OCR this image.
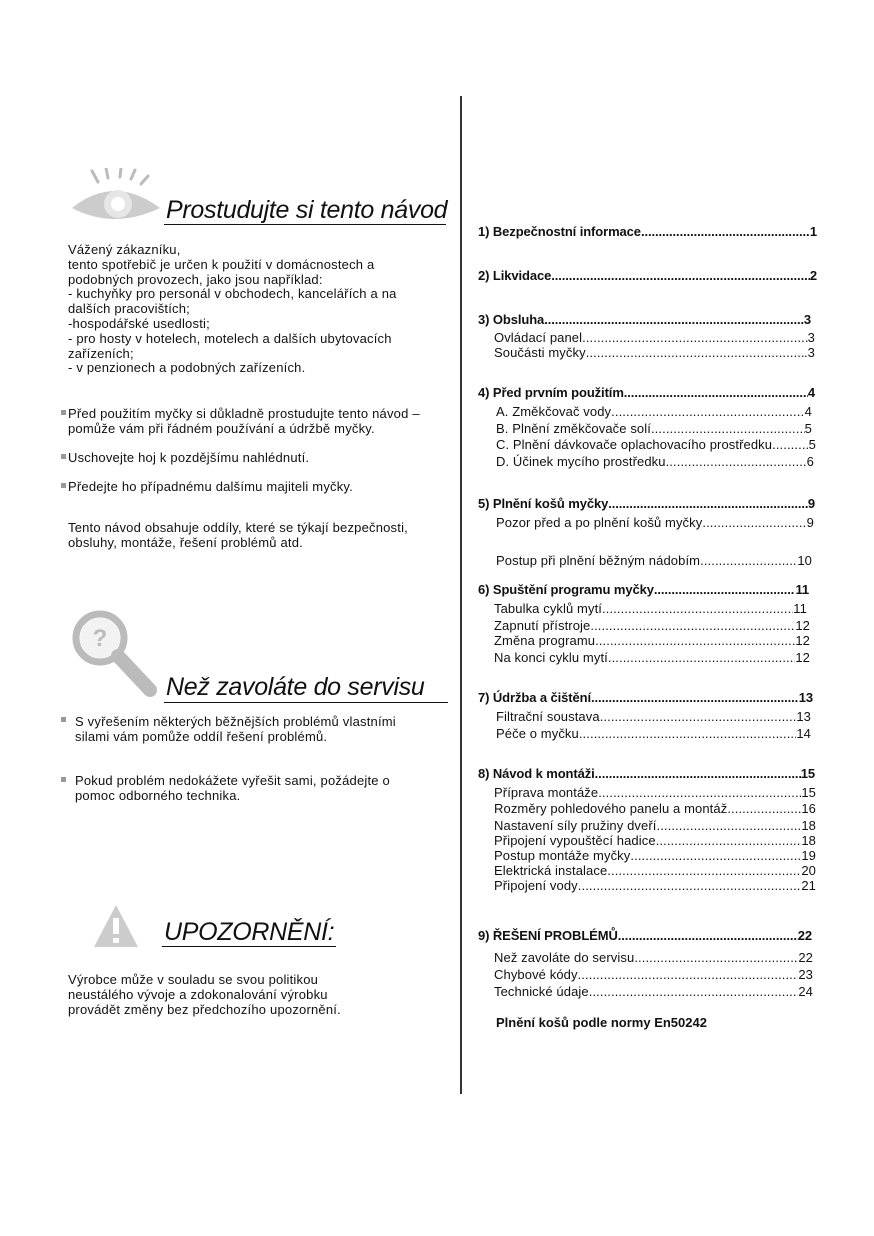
Prostudujte si tento návod
Vážený zákazníku,
tento spotřebič je určen k použití v domácnostech a
podobných provozech, jako jsou například:
- kuchyňky pro personál v obchodech, kancelářích a na
dalších pracovištích;
-hospodářské usedlosti;
- pro hosty v hotelech, motelech a dalších ubytovacích
zařízeních;
- v penzionech a podobných zařízeních.
Před použitím myčky si důkladně prostudujte tento návod –
pomůže vám při řádném používání a údržbě myčky.
Uschovejte hoj k pozdějšímu nahlédnutí.
Předejte ho případnému dalšímu majiteli myčky.
Tento návod obsahuje oddíly, které se týkají bezpečnosti,
obsluhy, montáže, řešení problémů atd.
?
Než zavoláte do servisu
S vyřešením některých běžnějších problémů vlastními
silami vám pomůže oddíl řešení problémů.
Pokud problém nedokážete vyřešit sami, požádejte o
pomoc odborného technika.
UPOZORNĚNÍ:
Výrobce může v souladu se svou politikou
neustálého vývoje a zdokonalování výrobku
provádět změny bez předchozího upozornění.
1) Bezpečnostní informace .....	1
2) Likvidace .....	2
3) Obsluha .....	3
Ovládací panel .....	3
Součásti myčky .....	.3
4) Před prvním použitím .....	4
A. Změkčovač vody .....	4
B. Plnění změkčovače solí .....	5
C. Plnění dávkovače oplachovacího prostředku .....	5
D. Účinek mycího prostředku .....	6
5) Plnění košů myčky .....	9
Pozor před a po plnění košů myčky .....	9
Postup při plnění běžným nádobím .....	10
6) Spuštění programu myčky .....	11
Tabulka cyklů mytí .....	11
Zapnutí přístroje .....	12
Změna programu .....	12
Na konci cyklu mytí .....	12
7) Údržba a čištění .....	13
Filtrační soustava .....	13
Péče o myčku .....	14
8) Návod k montáži .....	15
Příprava montáže .....	15
Rozměry pohledového panelu a montáž .....	16
Nastavení síly pružiny dveří .....	18
Připojení vypouštěcí hadice .....	18
Postup montáže myčky .....	19
Elektrická instalace .....	20
Připojení vody .....	21
9) ŘEŠENÍ PROBLÉMŮ .....	22
Než zavoláte do servisu .....	22
Chybové kódy .....	23
Technické údaje .....	24
Plnění košů podle normy En50242
